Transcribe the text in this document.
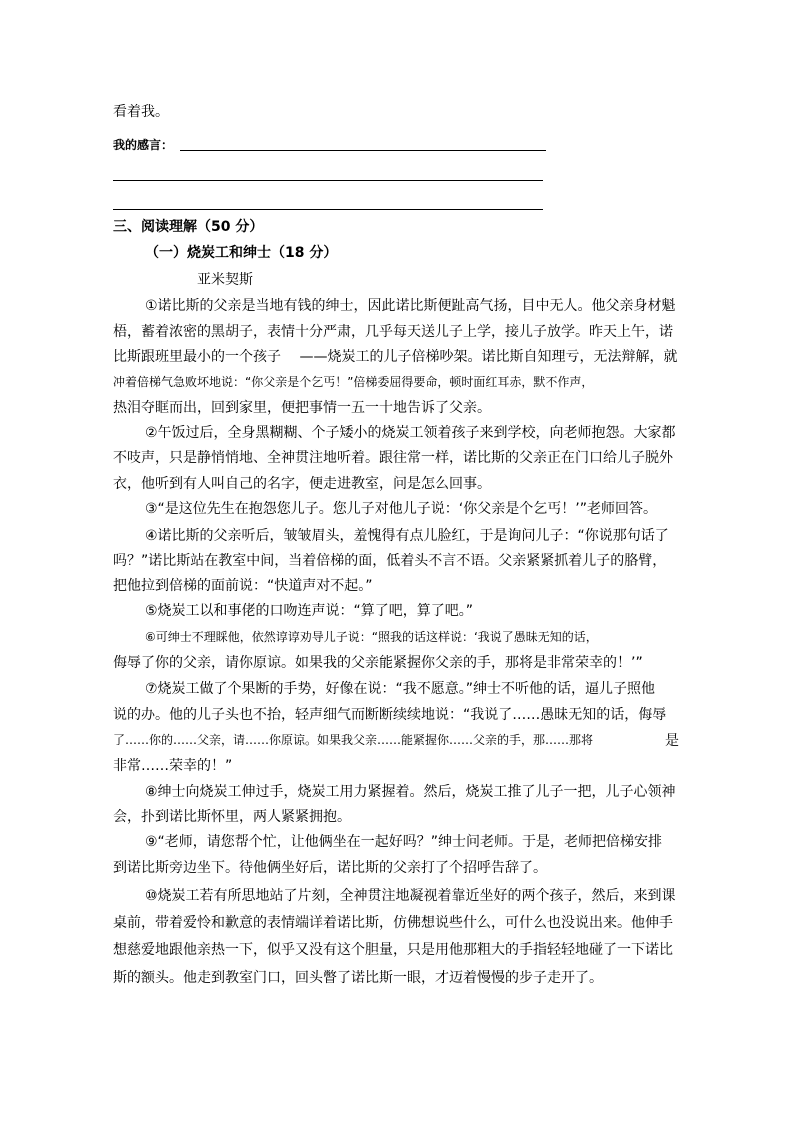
看着我。
我的感言：
三、阅读理解（50 分）
（一）烧炭工和绅士（18 分）
亚米契斯
①诺比斯的父亲是当地有钱的绅士，因此诺比斯便趾高气扬，目中无人。他父亲身材魁
梧，蓄着浓密的黑胡子，表情十分严肃，几乎每天送儿子上学，接儿子放学。昨天上午，诺
比斯跟班里最小的一个孩子 　——烧炭工的儿子倍梯吵架。诺比斯自知理亏，无法辩解，就
冲着倍梯气急败坏地说：“你父亲是个乞丐！”倍梯委屈得要命，顿时面红耳赤，默不作声，
热泪夺眶而出，回到家里，便把事情一五一十地告诉了父亲。
②午饭过后，全身黑糊糊、个子矮小的烧炭工领着孩子来到学校，向老师抱怨。大家都
不吱声，只是静悄悄地、全神贯注地听着。跟往常一样，诺比斯的父亲正在门口给儿子脱外
衣，他听到有人叫自己的名字，便走进教室，问是怎么回事。
③“是这位先生在抱怨您儿子。您儿子对他儿子说：‘你父亲是个乞丐！’”老师回答。
④诺比斯的父亲听后，皱皱眉头，羞愧得有点儿脸红，于是询问儿子：“你说那句话了
吗？”诺比斯站在教室中间，当着倍梯的面，低着头不言不语。父亲紧紧抓着儿子的胳臂，
把他拉到倍梯的面前说：“快道声对不起。”
⑤烧炭工以和事佬的口吻连声说：“算了吧，算了吧。”
⑥可绅士不理睬他，依然谆谆劝导儿子说：“照我的话这样说：‘我说了愚昧无知的话，
侮辱了你的父亲，请你原谅。如果我的父亲能紧握你父亲的手，那将是非常荣幸的！’”
⑦烧炭工做了个果断的手势，好像在说：“我不愿意。”绅士不听他的话，逼儿子照他
说的办。他的儿子头也不抬，轻声细气而断断续续地说：“我说了……愚昧无知的话，侮辱
了……你的……父亲，请……你原谅。如果我父亲……能紧握你……父亲的手，那……那将	是
非常……荣幸的！”
⑧绅士向烧炭工伸过手，烧炭工用力紧握着。然后，烧炭工推了儿子一把，儿子心领神
会，扑到诺比斯怀里，两人紧紧拥抱。
⑨“老师，请您帮个忙，让他俩坐在一起好吗？”绅士问老师。于是，老师把倍梯安排
到诺比斯旁边坐下。待他俩坐好后，诺比斯的父亲打了个招呼告辞了。
⑩烧炭工若有所思地站了片刻，全神贯注地凝视着靠近坐好的两个孩子，然后，来到课
桌前，带着爱怜和歉意的表情端详着诺比斯，仿佛想说些什么，可什么也没说出来。他伸手
想慈爱地跟他亲热一下，似乎又没有这个胆量，只是用他那粗大的手指轻轻地碰了一下诺比
斯的额头。他走到教室门口，回头瞥了诺比斯一眼，才迈着慢慢的步子走开了。
